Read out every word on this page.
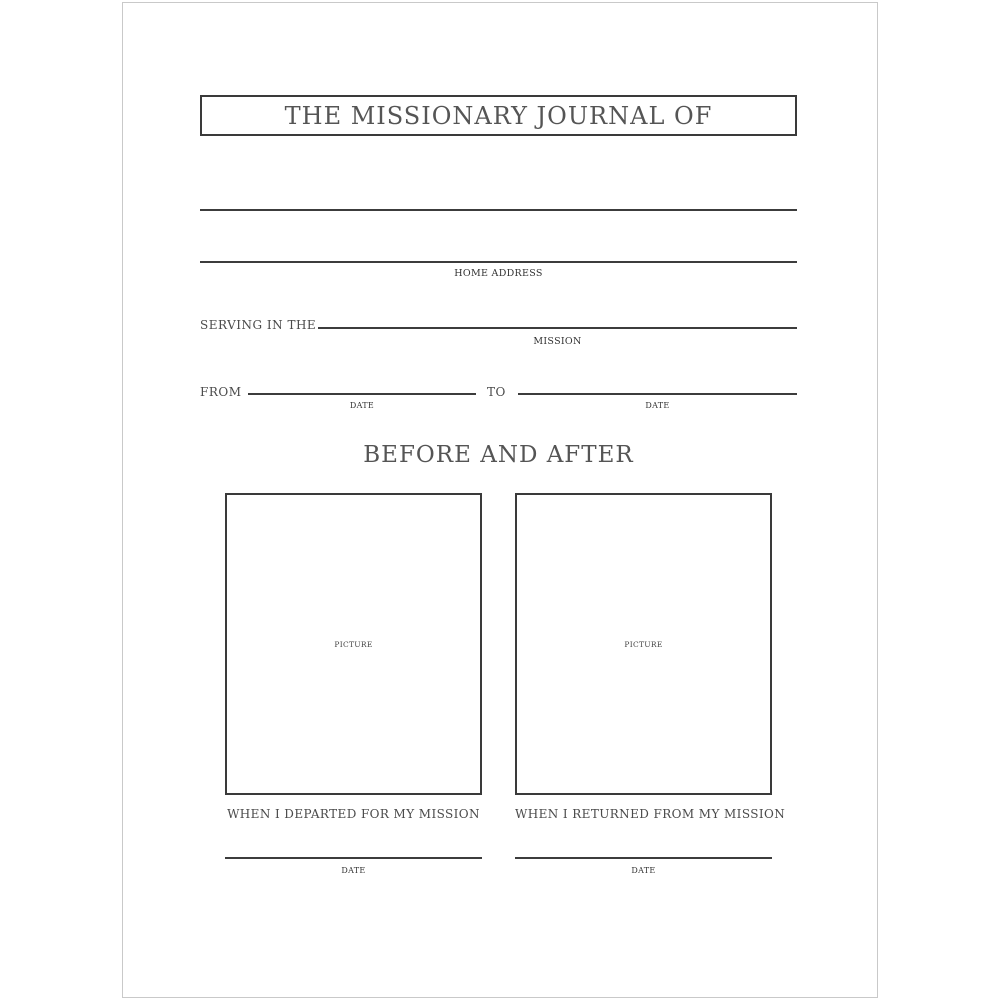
THE MISSIONARY JOURNAL OF
HOME ADDRESS
SERVING IN THE
MISSION
FROM
DATE
TO
DATE
BEFORE AND AFTER
PICTURE
WHEN I DEPARTED FOR MY MISSION
DATE
PICTURE
WHEN I RETURNED FROM MY MISSION
DATE
